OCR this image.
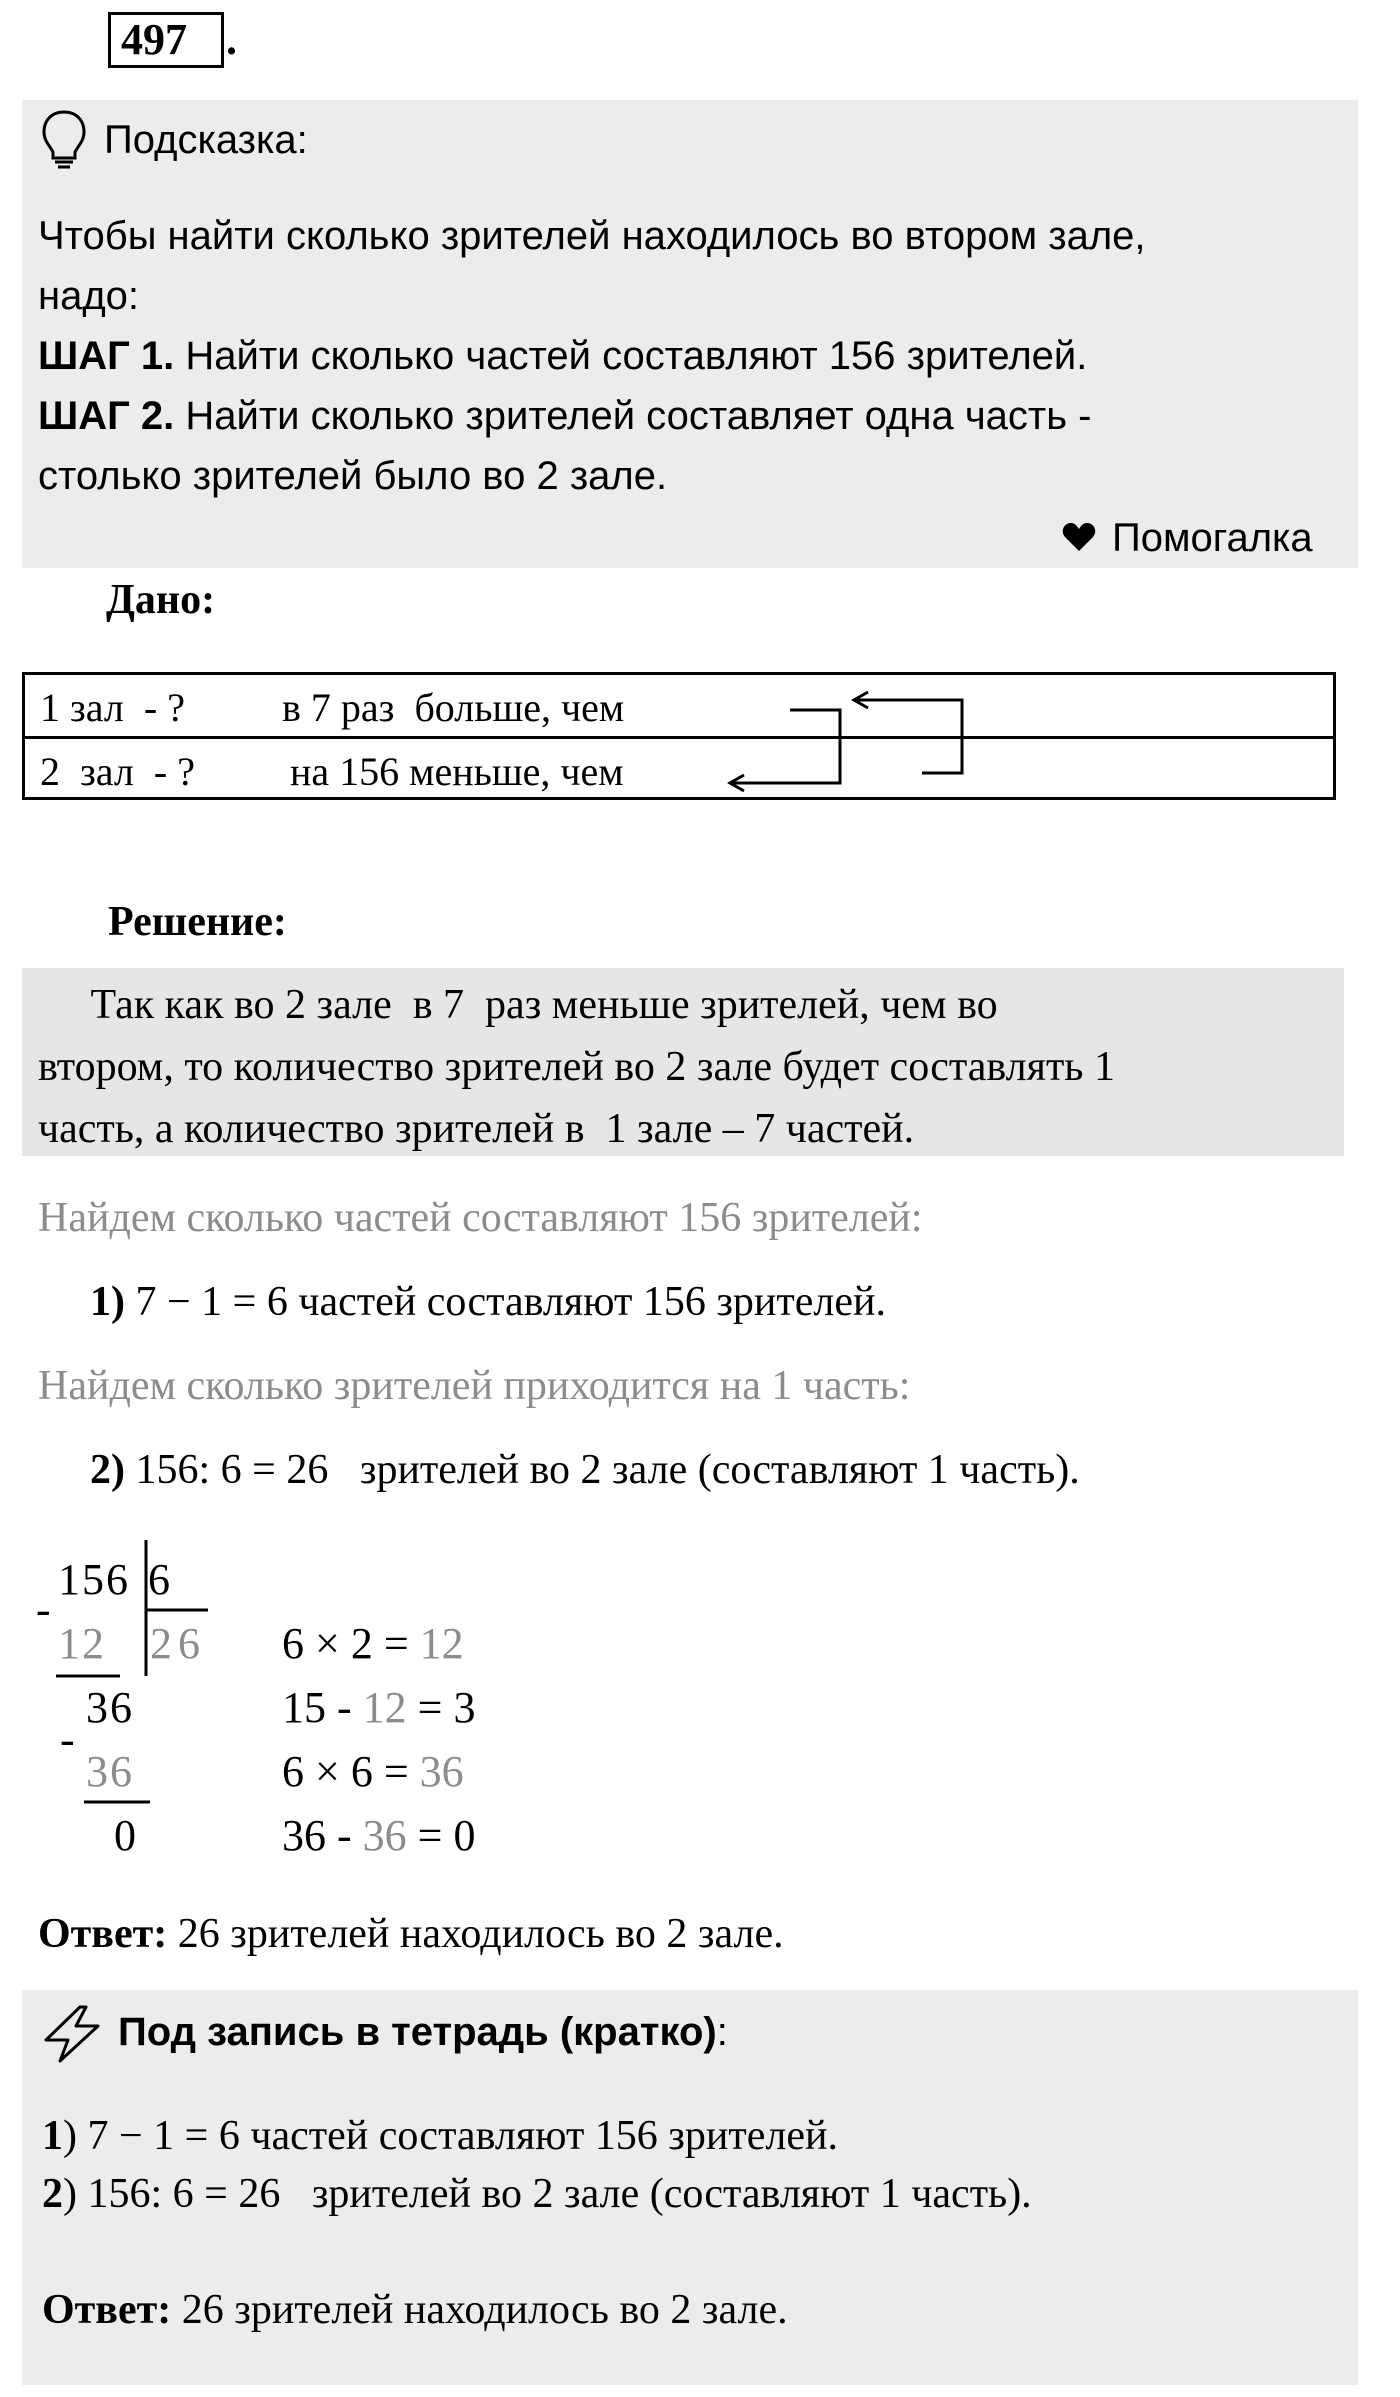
497 .
Подсказка:
Чтобы найти сколько зрителей находилось во втором зале,
надо:
ШАГ 1. Найти сколько частей составляют 156 зрителей.
ШАГ 2. Найти сколько зрителей составляет одна часть -
столько зрителей было во 2 зале.
Помогалка
Дано:
1 зал  - ? в 7 раз  больше, чем
2  зал  - ? на 156 меньше, чем
Решение:
Так как во 2 зале  в 7  раз меньше зрителей, чем во
втором, то количество зрителей во 2 зале будет составлять 1
часть, а количество зрителей в  1 зале – 7 частей.
Найдем сколько частей составляют 156 зрителей:
1) 7 − 1 = 6 частей составляют 156 зрителей.
Найдем сколько зрителей приходится на 1 часть:
2) 156: 6 = 26   зрителей во 2 зале (составляют 1 часть).
156 6
-
12 26
36
-
36
0
6 × 2 = 12
15 - 12 = 3
6 × 6 = 36
36 - 36 = 0
Ответ: 26 зрителей находилось во 2 зале.
Под запись в тетрадь (кратко):
1) 7 − 1 = 6 частей составляют 156 зрителей.
2) 156: 6 = 26   зрителей во 2 зале (составляют 1 часть).
Ответ: 26 зрителей находилось во 2 зале.
